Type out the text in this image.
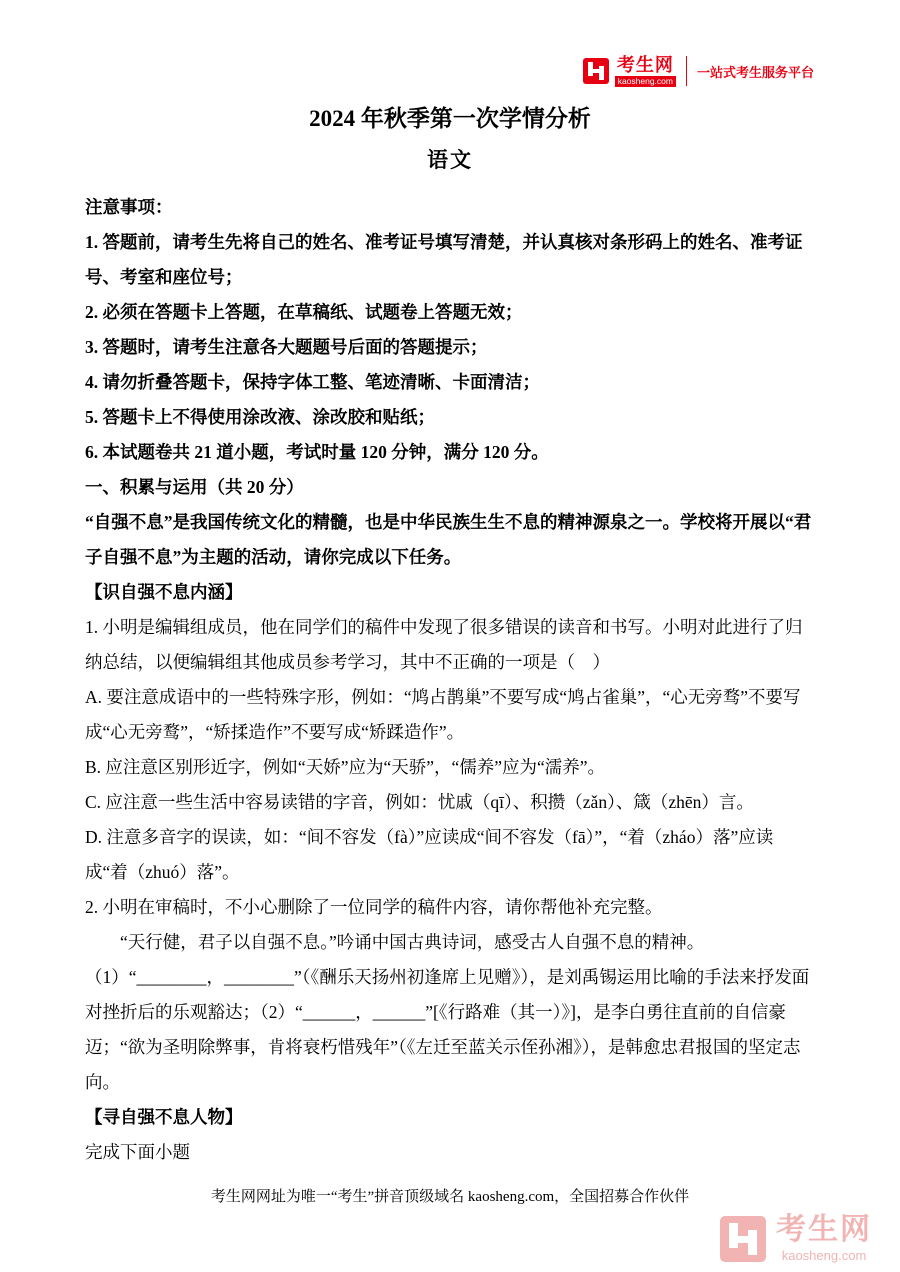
考生网
kaosheng.com
一站式考生服务平台
2024 年秋季第一次学情分析
语文

注意事项：

1. 答题前，请考生先将自己的姓名、准考证号填写清楚，并认真核对条形码上的姓名、准考证号、考室和座位号；

2. 必须在答题卡上答题，在草稿纸、试题卷上答题无效；

3. 答题时，请考生注意各大题题号后面的答题提示；

4. 请勿折叠答题卡，保持字体工整、笔迹清晰、卡面清洁；

5. 答题卡上不得使用涂改液、涂改胶和贴纸；

6. 本试题卷共 21 道小题，考试时量 120 分钟，满分 120 分。

一、积累与运用（共 20 分）

“自强不息”是我国传统文化的精髓，也是中华民族生生不息的精神源泉之一。学校将开展以“君子自强不息”为主题的活动，请你完成以下任务。

【识自强不息内涵】

1. 小明是编辑组成员，他在同学们的稿件中发现了很多错误的读音和书写。小明对此进行了归纳总结，以便编辑组其他成员参考学习，其中不正确的一项是（　）

A. 要注意成语中的一些特殊字形，例如：“鸠占鹊巢”不要写成“鸠占雀巢”，“心无旁骛”不要写成“心无旁鹜”，“矫揉造作”不要写成“矫蹂造作”。

B. 应注意区别形近字，例如“天娇”应为“天骄”，“儒养”应为“濡养”。

C. 应注意一些生活中容易读错的字音，例如：忧戚（qī）、积攒（zǎn）、箴（zhēn）言。

D. 注意多音字的误读，如：“间不容发（fà）”应读成“间不容发（fā）”，“着（zháo）落”应读成“着（zhuó）落”。

2. 小明在审稿时，不小心删除了一位同学的稿件内容，请你帮他补充完整。

“天行健，君子以自强不息。”吟诵中国古典诗词，感受古人自强不息的精神。（1）“________，________”（《酬乐天扬州初逢席上见赠》），是刘禹锡运用比喻的手法来抒发面对挫折后的乐观豁达；（2）“______，______”[《行路难（其一）》]，是李白勇往直前的自信豪迈；“欲为圣明除弊事，肯将衰朽惜残年”（《左迁至蓝关示侄孙湘》），是韩愈忠君报国的坚定志向。

【寻自强不息人物】

完成下面小题

考生网网址为唯一“考生”拼音顶级域名 kaosheng.com，全国招募合作伙伴
考生网
kaosheng.com
